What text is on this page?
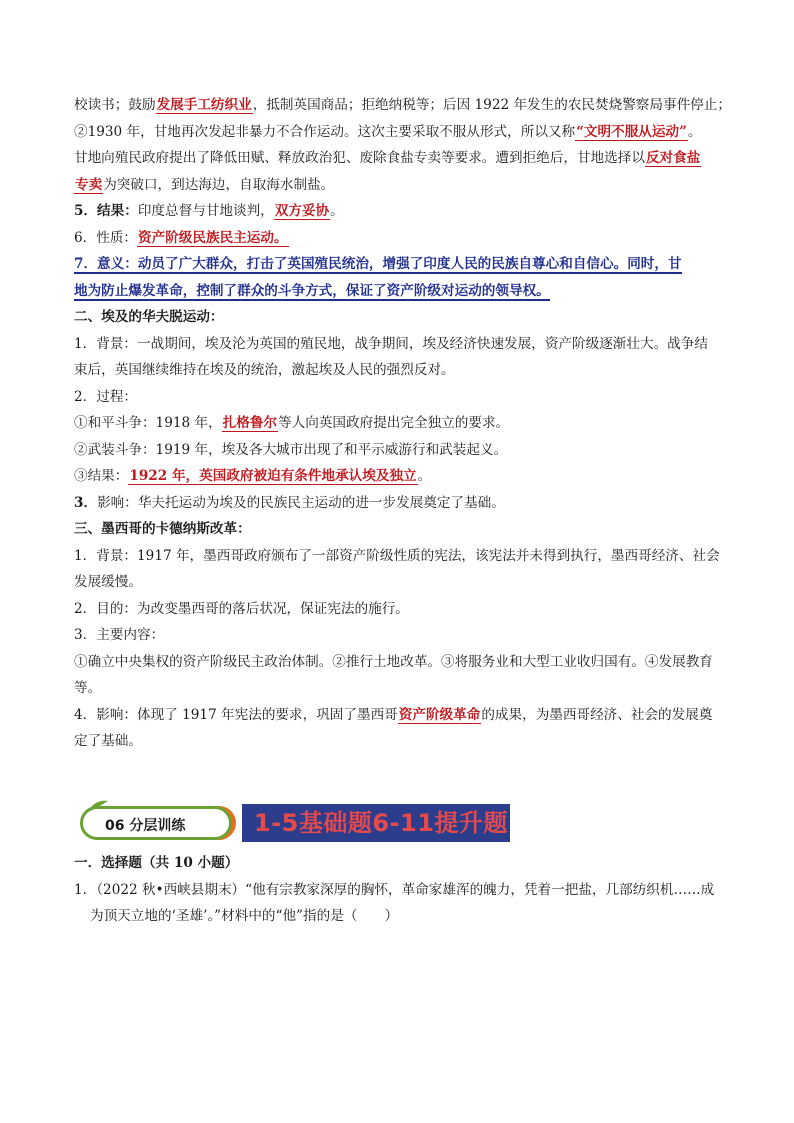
校读书；鼓励发展手工纺织业，抵制英国商品；拒绝纳税等；后因 1922 年发生的农民焚烧警察局事件停止；
②1930 年，甘地再次发起非暴力不合作运动。这次主要采取不服从形式，所以又称“文明不服从运动”。
甘地向殖民政府提出了降低田赋、释放政治犯、废除食盐专卖等要求。遭到拒绝后，甘地选择以反对食盐
专卖为突破口，到达海边，自取海水制盐。
5．结果：印度总督与甘地谈判，双方妥协。
6．性质：资产阶级民族民主运动。
7．意义：动员了广大群众，打击了英国殖民统治，增强了印度人民的民族自尊心和自信心。同时，甘
地为防止爆发革命，控制了群众的斗争方式，保证了资产阶级对运动的领导权。
二、埃及的华夫脱运动：
1．背景：一战期间，埃及沦为英国的殖民地，战争期间，埃及经济快速发展，资产阶级逐渐壮大。战争结
束后，英国继续维持在埃及的统治，激起埃及人民的强烈反对。
2．过程：
①和平斗争：1918 年，扎格鲁尔等人向英国政府提出完全独立的要求。
②武装斗争：1919 年，埃及各大城市出现了和平示威游行和武装起义。
③结果：1922 年，英国政府被迫有条件地承认埃及独立。
3．影响：华夫托运动为埃及的民族民主运动的进一步发展奠定了基础。
三、墨西哥的卡德纳斯改革：
1．背景：1917 年，墨西哥政府颁布了一部资产阶级性质的宪法，该宪法并未得到执行，墨西哥经济、社会
发展缓慢。
2．目的：为改变墨西哥的落后状况，保证宪法的施行。
3．主要内容：
①确立中央集权的资产阶级民主政治体制。②推行土地改革。③将服务业和大型工业收归国有。④发展教育
等。
4．影响：体现了 1917 年宪法的要求，巩固了墨西哥资产阶级革命的成果，为墨西哥经济、社会的发展奠
定了基础。
06 分层训练	1-5基础题6-11提升题
一．选择题（共 10 小题）
1．（2022 秋•西峡县期末）“他有宗教家深厚的胸怀，革命家雄浑的魄力，凭着一把盐，几部纺织机……成
为顶天立地的‘圣雄’。”材料中的“他”指的是（　　）
